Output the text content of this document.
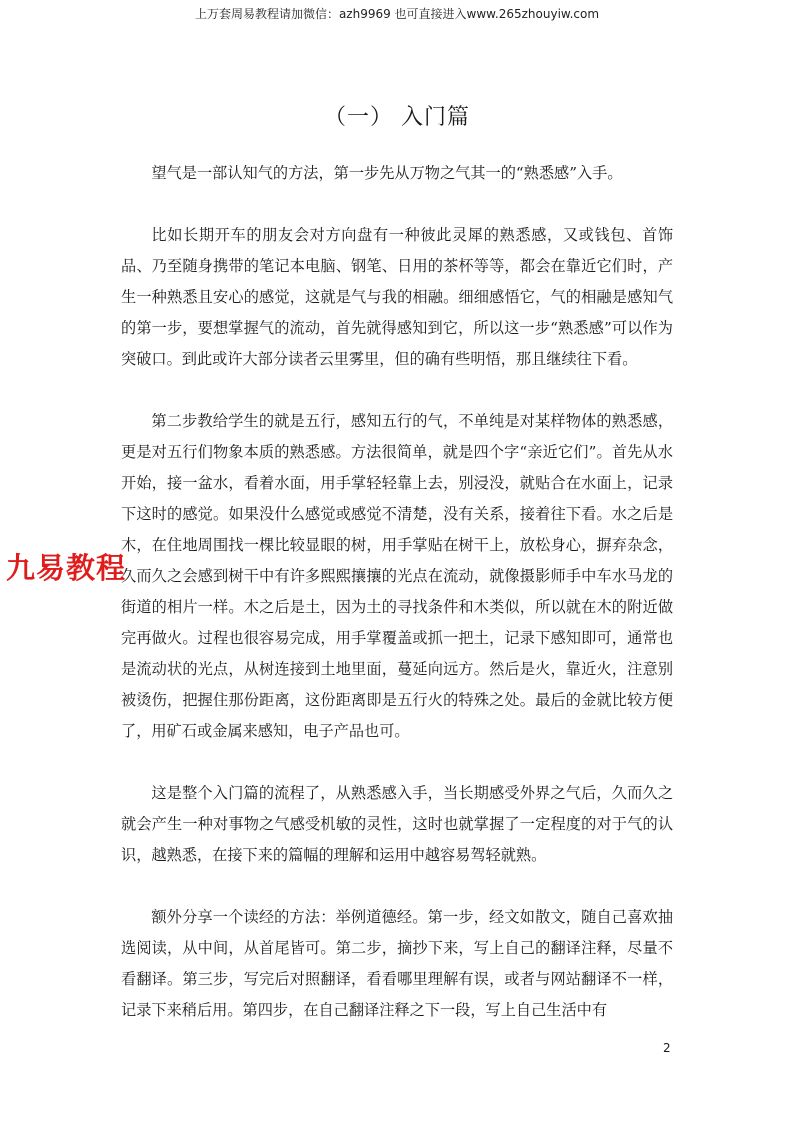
上万套周易教程请加微信：azh9969 也可直接进入www.265zhouyiw.com
（一） 入门篇

望气是一部认知气的方法，第一步先从万物之气其一的“熟悉感”入手。

比如长期开车的朋友会对方向盘有一种彼此灵犀的熟悉感，又或钱包、首饰品、乃至随身携带的笔记本电脑、钢笔、日用的茶杯等等，都会在靠近它们时，产生一种熟悉且安心的感觉，这就是气与我的相融。细细感悟它，气的相融是感知气的第一步，要想掌握气的流动，首先就得感知到它，所以这一步“熟悉感”可以作为突破口。到此或许大部分读者云里雾里，但的确有些明悟，那且继续往下看。

第二步教给学生的就是五行，感知五行的气，不单纯是对某样物体的熟悉感，更是对五行们物象本质的熟悉感。方法很简单，就是四个字“亲近它们”。首先从水开始，接一盆水，看着水面，用手掌轻轻靠上去，别浸没，就贴合在水面上，记录下这时的感觉。如果没什么感觉或感觉不清楚，没有关系，接着往下看。水之后是木，在住地周围找一棵比较显眼的树，用手掌贴在树干上，放松身心，摒弃杂念，久而久之会感到树干中有许多熙熙攘攘的光点在流动，就像摄影师手中车水马龙的街道的相片一样。木之后是土，因为土的寻找条件和木类似，所以就在木的附近做完再做火。过程也很容易完成，用手掌覆盖或抓一把土，记录下感知即可，通常也是流动状的光点，从树连接到土地里面，蔓延向远方。然后是火，靠近火，注意别被烫伤，把握住那份距离，这份距离即是五行火的特殊之处。最后的金就比较方便了，用矿石或金属来感知，电子产品也可。

这是整个入门篇的流程了，从熟悉感入手，当长期感受外界之气后，久而久之就会产生一种对事物之气感受机敏的灵性，这时也就掌握了一定程度的对于气的认识，越熟悉，在接下来的篇幅的理解和运用中越容易驾轻就熟。

额外分享一个读经的方法：举例道德经。第一步，经文如散文，随自己喜欢抽选阅读，从中间，从首尾皆可。第二步，摘抄下来，写上自己的翻译注释，尽量不看翻译。第三步，写完后对照翻译，看看哪里理解有误，或者与网站翻译不一样，记录下来稍后用。第四步，在自己翻译注释之下一段，写上自己生活中有

九易教程
2
